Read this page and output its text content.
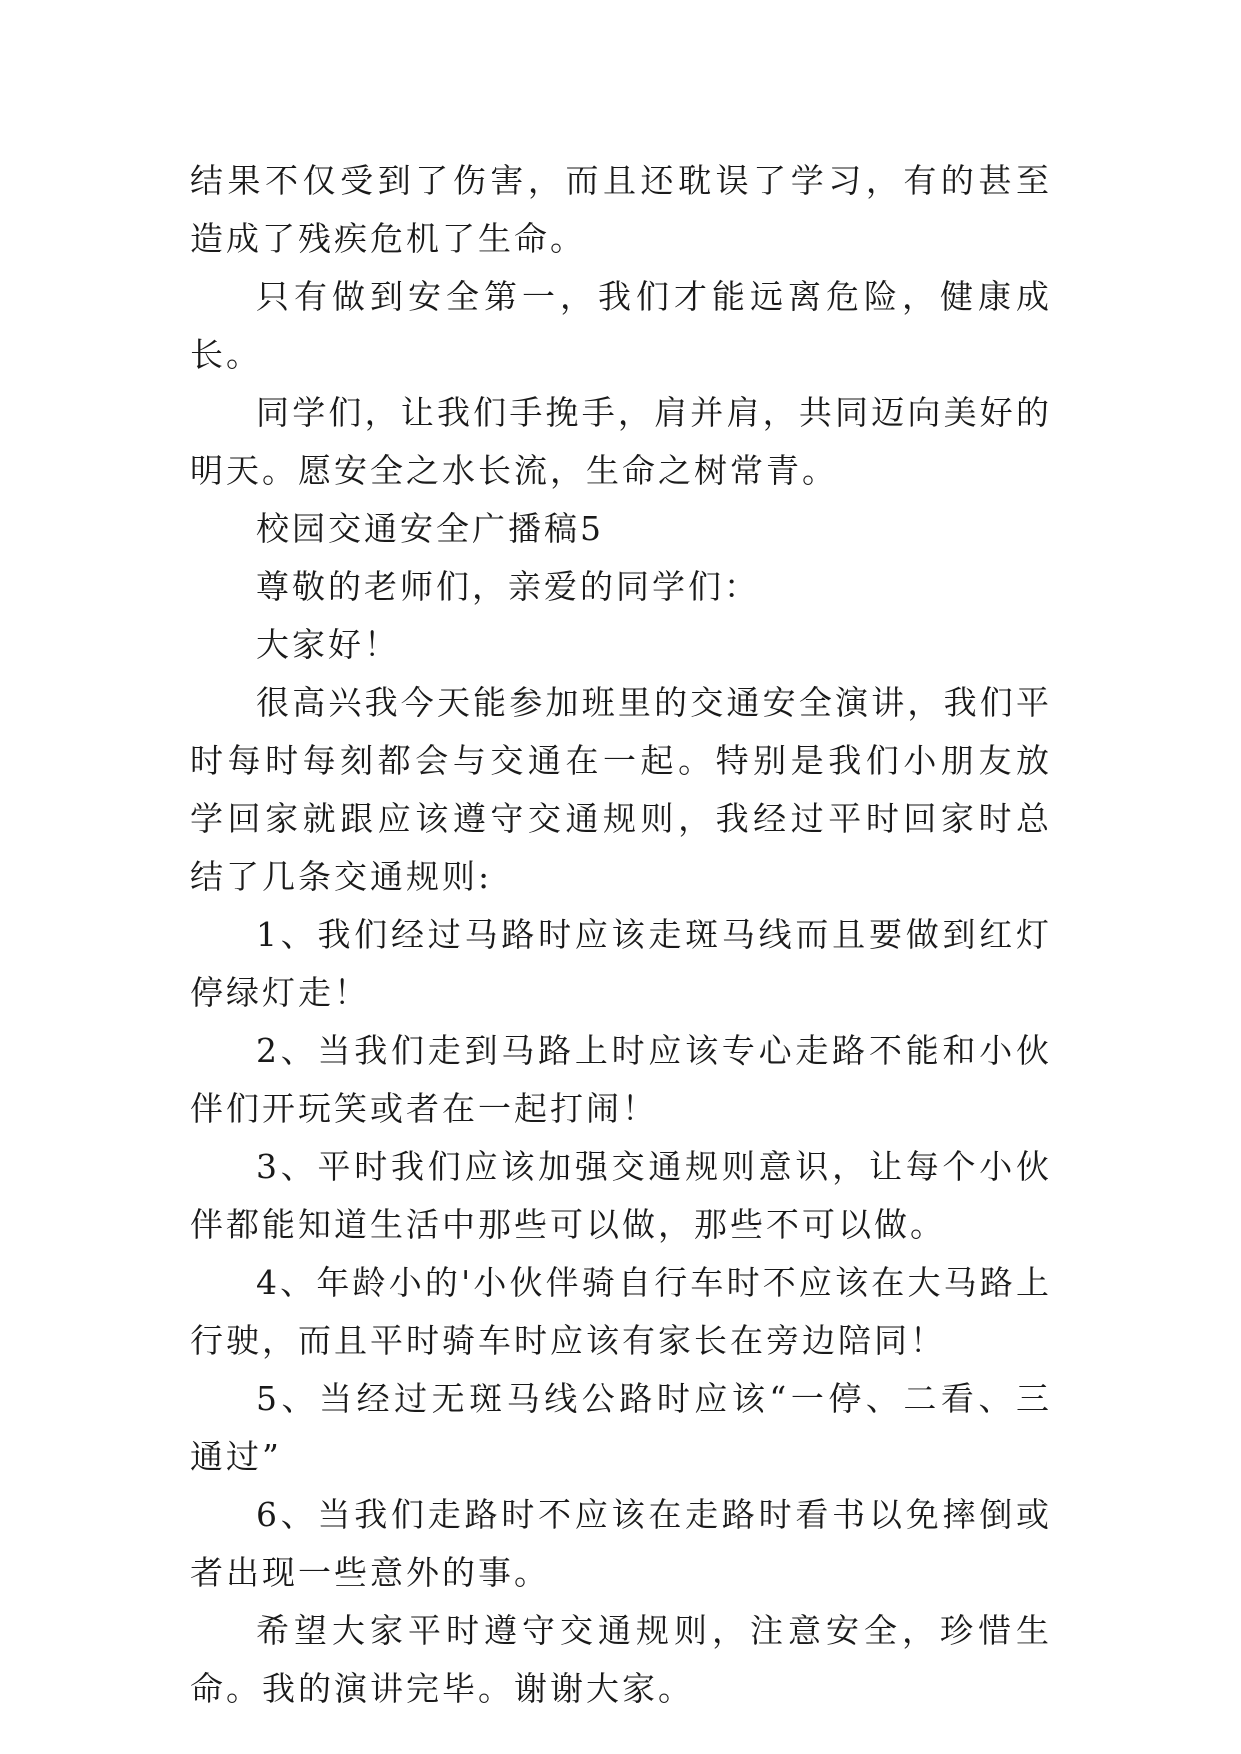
结果不仅受到了伤害，而且还耽误了学习，有的甚至造成了残疾危机了生命。

只有做到安全第一，我们才能远离危险，健康成长。

同学们，让我们手挽手，肩并肩，共同迈向美好的明天。愿安全之水长流，生命之树常青。

校园交通安全广播稿5

尊敬的老师们，亲爱的同学们：

大家好！

很高兴我今天能参加班里的交通安全演讲，我们平时每时每刻都会与交通在一起。特别是我们小朋友放学回家就跟应该遵守交通规则，我经过平时回家时总结了几条交通规则:

1、我们经过马路时应该走斑马线而且要做到红灯停绿灯走！

2、当我们走到马路上时应该专心走路不能和小伙伴们开玩笑或者在一起打闹！

3、平时我们应该加强交通规则意识，让每个小伙伴都能知道生活中那些可以做，那些不可以做。

4、年龄小的'小伙伴骑自行车时不应该在大马路上行驶，而且平时骑车时应该有家长在旁边陪同！

5、当经过无斑马线公路时应该“一停、二看、三通过”

6、当我们走路时不应该在走路时看书以免摔倒或者出现一些意外的事。

希望大家平时遵守交通规则，注意安全，珍惜生命。我的演讲完毕。谢谢大家。
